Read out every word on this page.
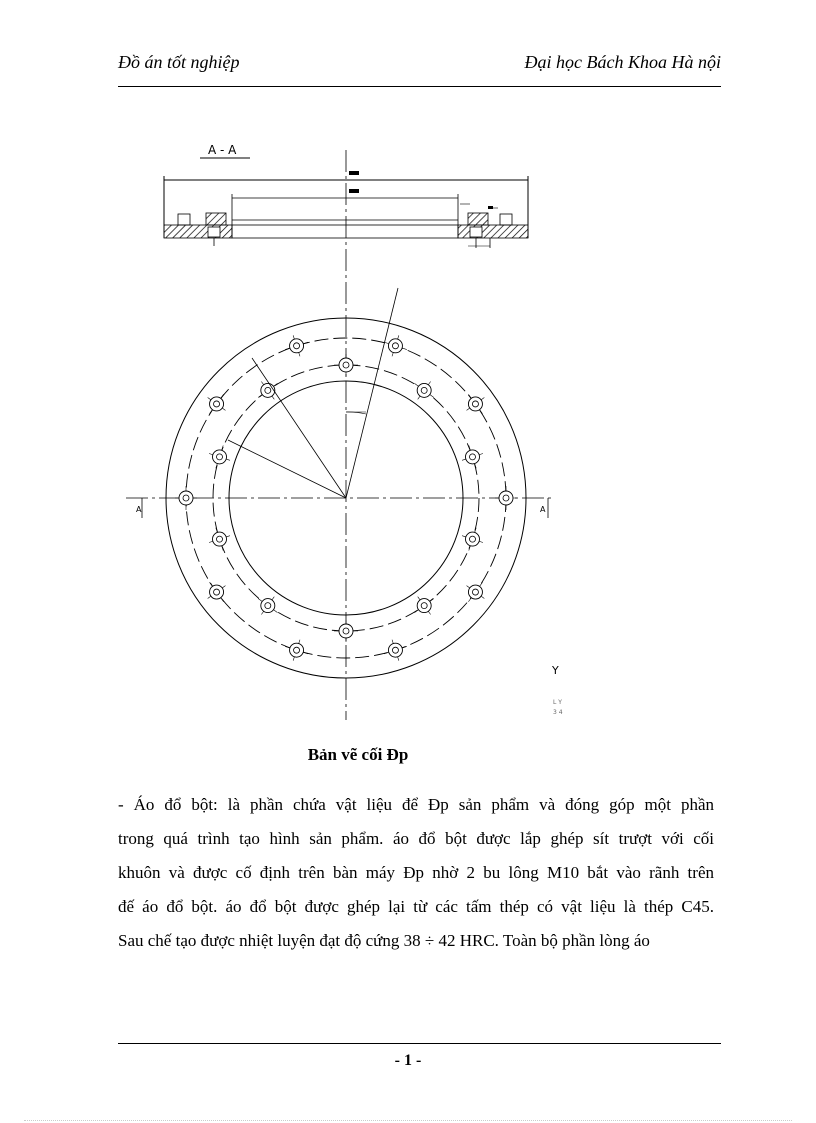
Đồ án tốt nghiệp	Đại học Bách Khoa Hà nội
A - A
A	A
Y
L Y
3 4
Bản vẽ cối Đp
- Áo đổ bột: là phần chứa vật liệu để Đp sản phẩm và đóng góp một phần
trong quá trình tạo hình sản phẩm. áo đổ bột được lắp ghép sít trượt với cối
khuôn và được cố định trên bàn máy Đp nhờ 2 bu lông M10 bắt vào rãnh trên
đế áo đổ bột. áo đổ bột được ghép lại từ các tấm thép có vật liệu là thép C45.
Sau chế tạo được nhiệt luyện đạt độ cứng 38 ÷ 42 HRC. Toàn bộ phần lòng áo
- 1 -
